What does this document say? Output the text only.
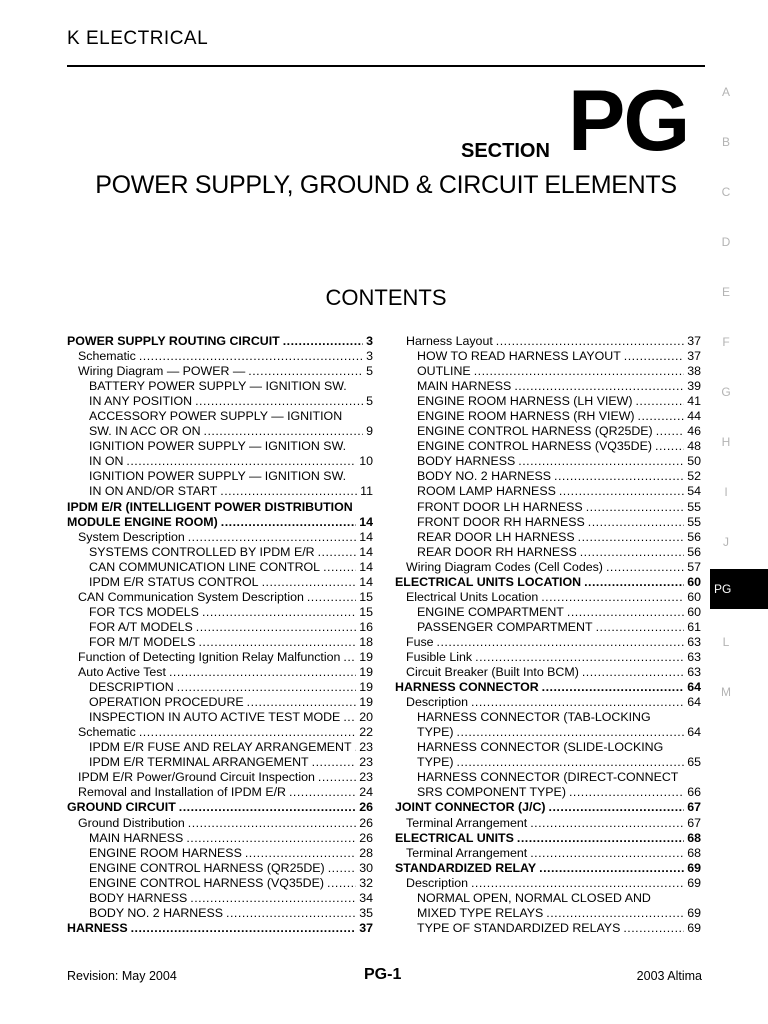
K ELECTRICAL
SECTION PG
POWER SUPPLY, GROUND & CIRCUIT ELEMENTS
CONTENTS
POWER SUPPLY ROUTING CIRCUIT .....	3
Schematic .....	3
Wiring Diagram — POWER — .....	5
BATTERY POWER SUPPLY — IGNITION SW.
IN ANY POSITION .....	5
ACCESSORY POWER SUPPLY — IGNITION
SW. IN ACC OR ON .....	9
IGNITION POWER SUPPLY — IGNITION SW.
IN ON .....	10
IGNITION POWER SUPPLY — IGNITION SW.
IN ON AND/OR START .....	11
IPDM E/R (INTELLIGENT POWER DISTRIBUTION
MODULE ENGINE ROOM) .....	14
System Description .....	14
SYSTEMS CONTROLLED BY IPDM E/R .....	14
CAN COMMUNICATION LINE CONTROL .....	14
IPDM E/R STATUS CONTROL .....	14
CAN Communication System Description .....	15
FOR TCS MODELS .....	15
FOR A/T MODELS .....	16
FOR M/T MODELS .....	18
Function of Detecting Ignition Relay Malfunction ..... 19
Auto Active Test .....	19
DESCRIPTION .....	19
OPERATION PROCEDURE .....	19
INSPECTION IN AUTO ACTIVE TEST MODE ..... 20
Schematic .....	22
IPDM E/R FUSE AND RELAY ARRANGEMENT ..... 23
IPDM E/R TERMINAL ARRANGEMENT .....	23
IPDM E/R Power/Ground Circuit Inspection .....	23
Removal and Installation of IPDM E/R .....	24
GROUND CIRCUIT .....	26
Ground Distribution .....	26
MAIN HARNESS .....	26
ENGINE ROOM HARNESS .....	28
ENGINE CONTROL HARNESS (QR25DE) .....	30
ENGINE CONTROL HARNESS (VQ35DE) .....	32
BODY HARNESS .....	34
BODY NO. 2 HARNESS .....	35
HARNESS .....	37
Harness Layout .....	37
HOW TO READ HARNESS LAYOUT .....	37
OUTLINE .....	38
MAIN HARNESS .....	39
ENGINE ROOM HARNESS (LH VIEW) .....	41
ENGINE ROOM HARNESS (RH VIEW) .....	44
ENGINE CONTROL HARNESS (QR25DE) .....	46
ENGINE CONTROL HARNESS (VQ35DE) .....	48
BODY HARNESS .....	50
BODY NO. 2 HARNESS .....	52
ROOM LAMP HARNESS .....	54
FRONT DOOR LH HARNESS .....	55
FRONT DOOR RH HARNESS .....	55
REAR DOOR LH HARNESS .....	56
REAR DOOR RH HARNESS .....	56
Wiring Diagram Codes (Cell Codes) .....	57
ELECTRICAL UNITS LOCATION .....	60
Electrical Units Location .....	60
ENGINE COMPARTMENT .....	60
PASSENGER COMPARTMENT .....	61
Fuse .....	63
Fusible Link .....	63
Circuit Breaker (Built Into BCM) .....	63
HARNESS CONNECTOR .....	64
Description .....	64
HARNESS CONNECTOR (TAB-LOCKING
TYPE) .....	64
HARNESS CONNECTOR (SLIDE-LOCKING
TYPE) .....	65
HARNESS CONNECTOR (DIRECT-CONNECT
SRS COMPONENT TYPE) .....	66
JOINT CONNECTOR (J/C) .....	67
Terminal Arrangement .....	67
ELECTRICAL UNITS .....	68
Terminal Arrangement .....	68
STANDARDIZED RELAY .....	69
Description .....	69
NORMAL OPEN, NORMAL CLOSED AND
MIXED TYPE RELAYS .....	69
TYPE OF STANDARDIZED RELAYS .....	69
A
B
C
D
E
F
G
H
I
J
PG
L
M
Revision: May 2004	PG-1	2003 Altima
